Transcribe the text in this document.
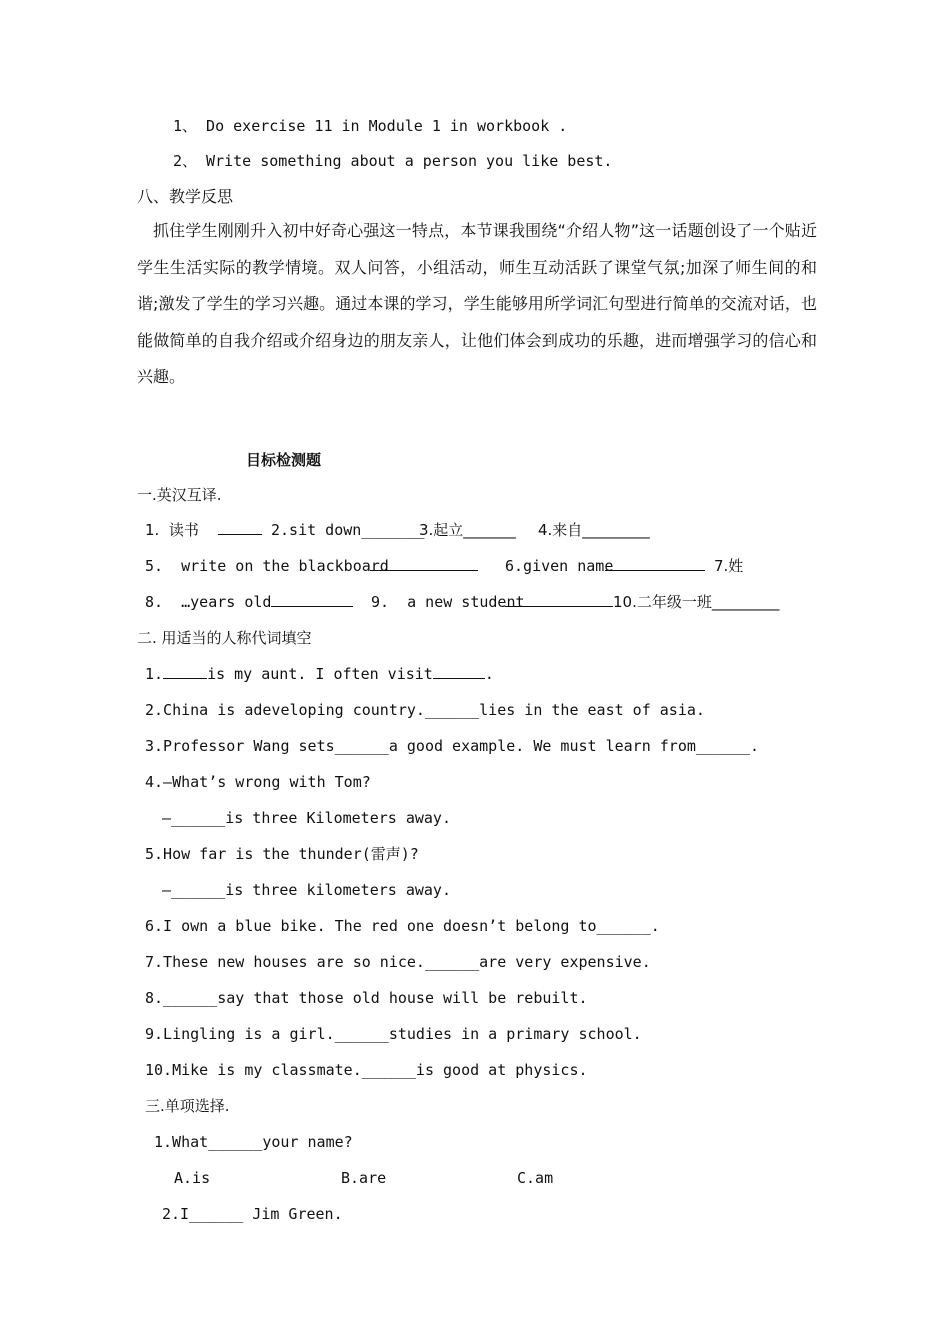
1、 Do exercise 11 in Module 1 in workbook .
2、 Write something about a person you like best.
八、教学反思
抓住学生刚刚升入初中好奇心强这一特点，本节课我围绕“介绍人物”这一话题创设了一个贴近学生生活实际的教学情境。双人问答，小组活动，师生互动活跃了课堂气氛;加深了师生间的和谐;激发了学生的学习兴趣。通过本课的学习，学生能够用所学词汇句型进行简单的交流对话，也能做简单的自我介绍或介绍身边的朋友亲人，让他们体会到成功的乐趣，进而增强学习的信心和兴趣。
目标检测题
一.英汉互译.
1.  读书	2.sit down_______
3.起立_______ 4.来自_________
5.  write on the blackboard	6.given name	7.姓
8.  …years old	9.  a new student	10.二年级一班_________
二. 用适当的人称代词填空
1.	is my aunt. I often visit	.
2.China is adeveloping country.______lies in the east of asia.
3.Professor Wang sets______a good example. We must learn from______.
4.—What’s wrong with Tom?
—______is three Kilometers away.
5.How far is the thunder(雷声)?
—______is three kilometers away.
6.I own a blue bike. The red one doesn’t belong to______.
7.These new houses are so nice.______are very expensive.
8.______say that those old house will be rebuilt.
9.Lingling is a girl.______studies in a primary school.
10.Mike is my classmate.______is good at physics.
三.单项选择.
1.What______your name?
A.is	B.are	C.am
2.I______ Jim Green.
